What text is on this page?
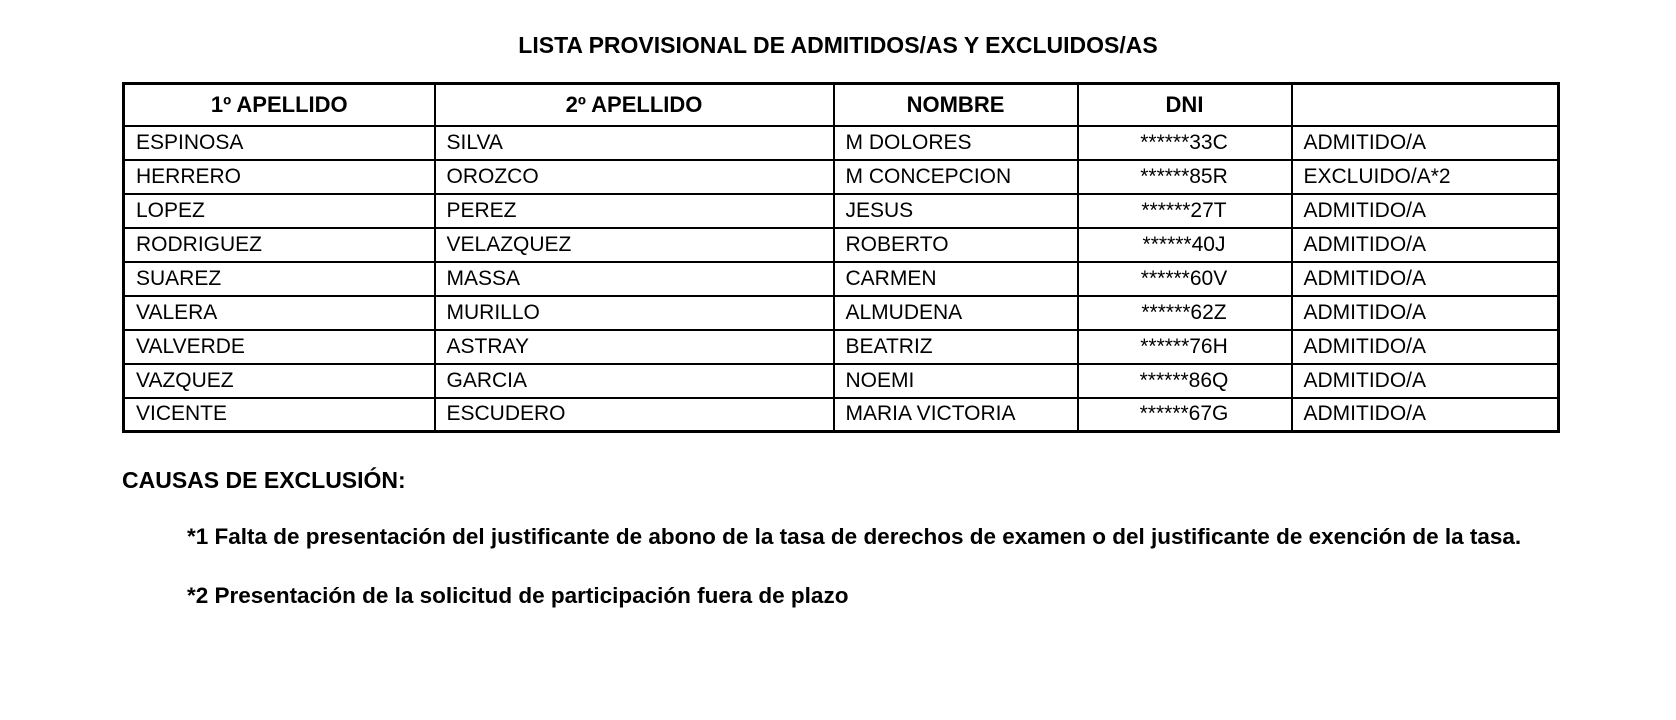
LISTA PROVISIONAL DE ADMITIDOS/AS Y EXCLUIDOS/AS
1º APELLIDO	2º APELLIDO	NOMBRE	DNI	
ESPINOSA	SILVA	M DOLORES	******33C	ADMITIDO/A
HERRERO	OROZCO	M CONCEPCION	******85R	EXCLUIDO/A*2
LOPEZ	PEREZ	JESUS	******27T	ADMITIDO/A
RODRIGUEZ	VELAZQUEZ	ROBERTO	******40J	ADMITIDO/A
SUAREZ	MASSA	CARMEN	******60V	ADMITIDO/A
VALERA	MURILLO	ALMUDENA	******62Z	ADMITIDO/A
VALVERDE	ASTRAY	BEATRIZ	******76H	ADMITIDO/A
VAZQUEZ	GARCIA	NOEMI	******86Q	ADMITIDO/A
VICENTE	ESCUDERO	MARIA VICTORIA	******67G	ADMITIDO/A
CAUSAS DE EXCLUSIÓN:
*1 Falta de presentación del justificante de abono de la tasa de derechos de examen o del justificante de exención de la tasa.
*2 Presentación de la solicitud de participación fuera de plazo
